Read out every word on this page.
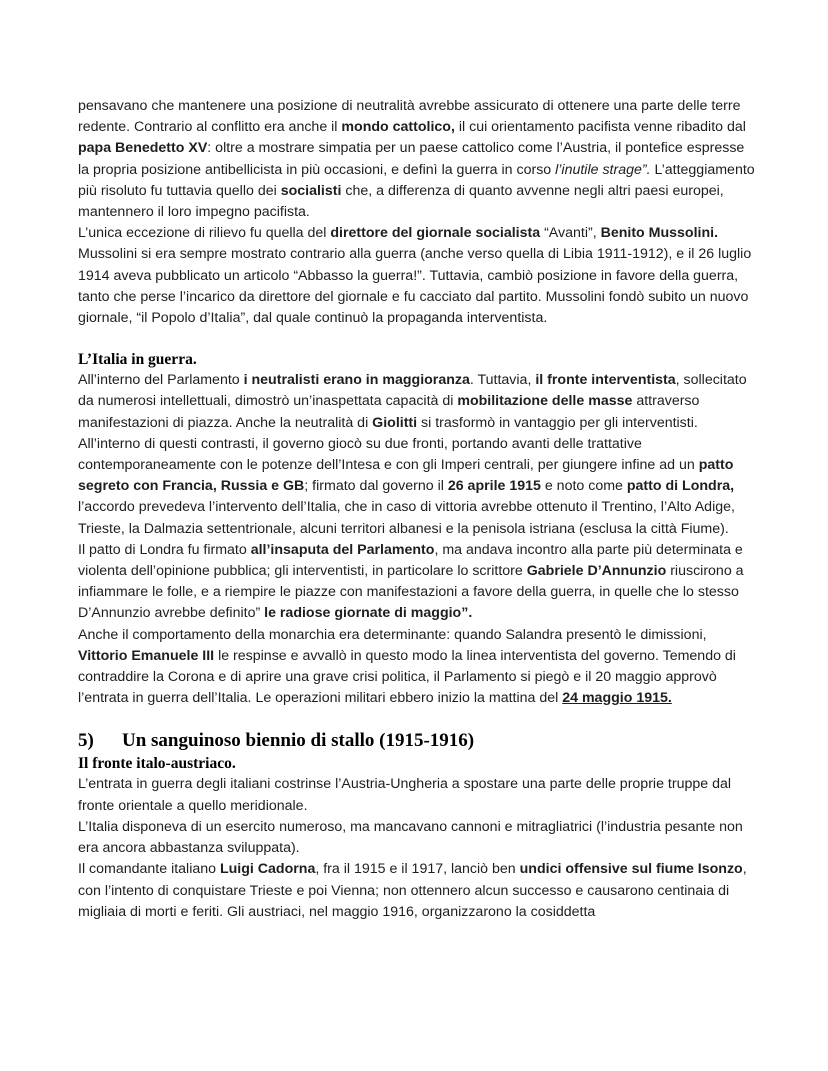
pensavano che mantenere una posizione di neutralità avrebbe assicurato di ottenere una parte delle terre redente. Contrario al conflitto era anche il mondo cattolico, il cui orientamento pacifista venne ribadito dal papa Benedetto XV: oltre a mostrare simpatia per un paese cattolico come l’Austria, il pontefice espresse la propria posizione antibellicista in più occasioni, e definì la guerra in corso l’inutile strage”. L’atteggiamento più risoluto fu tuttavia quello dei socialisti che, a differenza di quanto avvenne negli altri paesi europei, mantennero il loro impegno pacifista.

L’unica eccezione di rilievo fu quella del direttore del giornale socialista “Avanti”, Benito Mussolini. Mussolini si era sempre mostrato contrario alla guerra (anche verso quella di Libia 1911-1912), e il 26 luglio 1914 aveva pubblicato un articolo “Abbasso la guerra!”. Tuttavia, cambiò posizione in favore della guerra, tanto che perse l’incarico da direttore del giornale e fu cacciato dal partito. Mussolini fondò subito un nuovo giornale, “il Popolo d’Italia”, dal quale continuò la propaganda interventista.

L’Italia in guerra.

All’interno del Parlamento i neutralisti erano in maggioranza. Tuttavia, il fronte interventista, sollecitato da numerosi intellettuali, dimostrò un’inaspettata capacità di mobilitazione delle masse attraverso manifestazioni di piazza. Anche la neutralità di Giolitti si trasformò in vantaggio per gli interventisti.

All’interno di questi contrasti, il governo giocò su due fronti, portando avanti delle trattative contemporaneamente con le potenze dell’Intesa e con gli Imperi centrali, per giungere infine ad un patto segreto con Francia, Russia e GB; firmato dal governo il 26 aprile 1915 e noto come patto di Londra, l’accordo prevedeva l’intervento dell’Italia, che in caso di vittoria avrebbe ottenuto il Trentino, l’Alto Adige, Trieste, la Dalmazia settentrionale, alcuni territori albanesi e la penisola istriana (esclusa la città Fiume).

Il patto di Londra fu firmato all’insaputa del Parlamento, ma andava incontro alla parte più determinata e violenta dell’opinione pubblica; gli interventisti, in particolare lo scrittore Gabriele D’Annunzio riuscirono a infiammare le folle, e a riempire le piazze con manifestazioni a favore della guerra, in quelle che lo stesso D’Annunzio avrebbe definito” le radiose giornate di maggio”.

Anche il comportamento della monarchia era determinante: quando Salandra presentò le dimissioni, Vittorio Emanuele III le respinse e avvallò in questo modo la linea interventista del governo. Temendo di contraddire la Corona e di aprire una grave crisi politica, il Parlamento si piegò e il 20 maggio approvò l’entrata in guerra dell’Italia. Le operazioni militari ebbero inizio la mattina del 24 maggio 1915.

5)	Un sanguinoso biennio di stallo (1915-1916)
Il fronte italo-austriaco.

L’entrata in guerra degli italiani costrinse l’Austria-Ungheria a spostare una parte delle proprie truppe dal fronte orientale a quello meridionale.

L’Italia disponeva di un esercito numeroso, ma mancavano cannoni e mitragliatrici (l’industria pesante non era ancora abbastanza sviluppata).

Il comandante italiano Luigi Cadorna, fra il 1915 e il 1917, lanciò ben undici offensive sul fiume Isonzo, con l’intento di conquistare Trieste e poi Vienna; non ottennero alcun successo e causarono centinaia di migliaia di morti e feriti. Gli austriaci, nel maggio 1916, organizzarono la cosiddetta
